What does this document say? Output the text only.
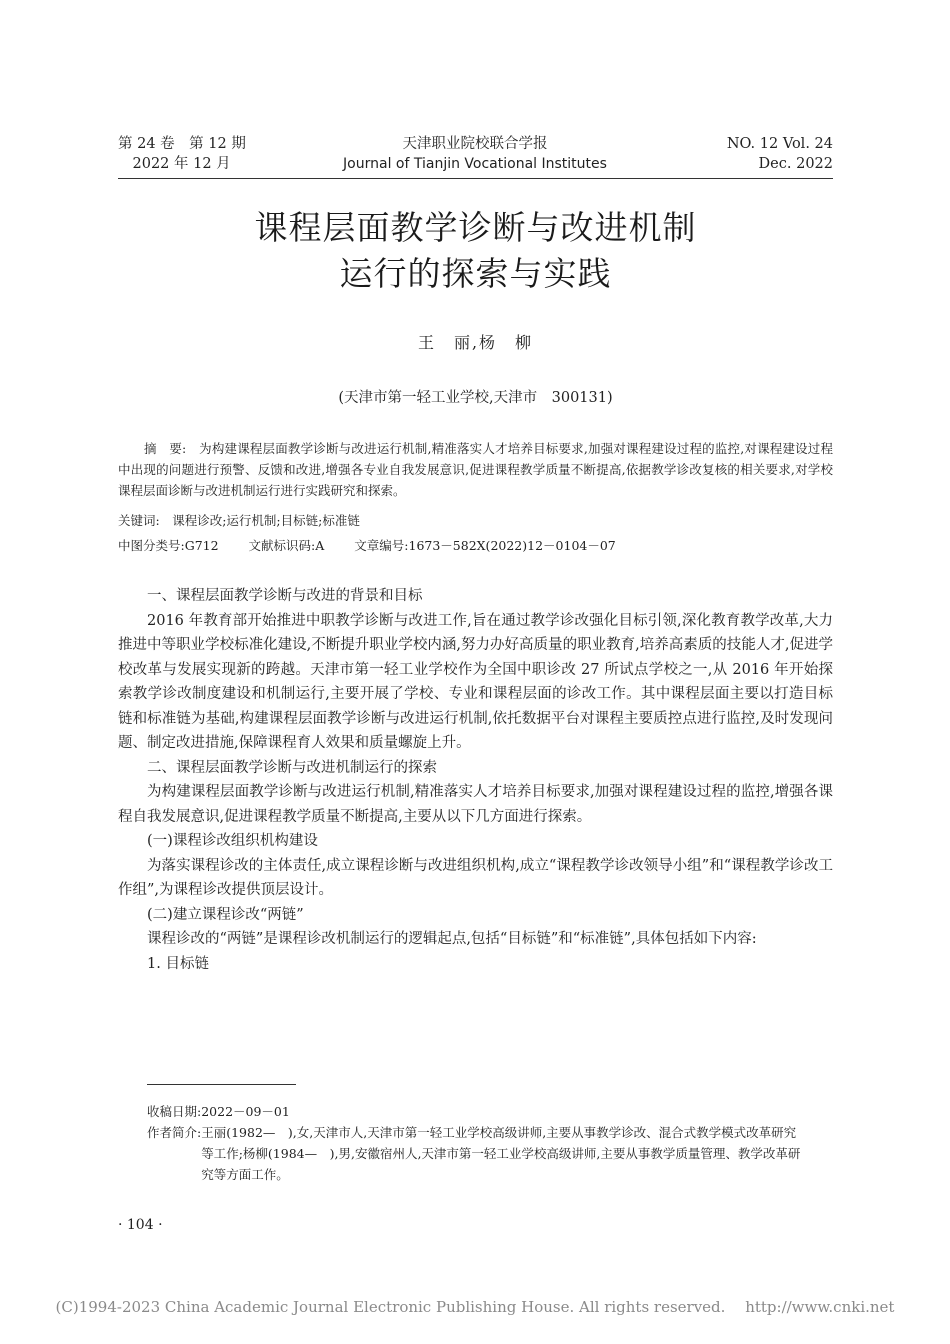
第 24 卷　第 12 期
　2022 年 12 月
天津职业院校联合学报
Journal of Tianjin Vocational Institutes
NO. 12 Vol. 24
Dec. 2022
课程层面教学诊断与改进机制
运行的探索与实践
王　丽,杨　柳
(天津市第一轻工业学校,天津市　300131)
摘　要:　为构建课程层面教学诊断与改进运行机制,精准落实人才培养目标要求,加强对课程建设过程的监控,对课程建设过程中出现的问题进行预警、反馈和改进,增强各专业自我发展意识,促进课程教学质量不断提高,依据教学诊改复核的相关要求,对学校课程层面诊断与改进机制运行进行实践研究和探索。
关键词:　课程诊改;运行机制;目标链;标准链
中图分类号:G712 文献标识码:A 文章编号:1673－582X(2022)12－0104－07

一、课程层面教学诊断与改进的背景和目标

2016 年教育部开始推进中职教学诊断与改进工作,旨在通过教学诊改强化目标引领,深化教育教学改革,大力推进中等职业学校标准化建设,不断提升职业学校内涵,努力办好高质量的职业教育,培养高素质的技能人才,促进学校改革与发展实现新的跨越。天津市第一轻工业学校作为全国中职诊改 27 所试点学校之一,从 2016 年开始探索教学诊改制度建设和机制运行,主要开展了学校、专业和课程层面的诊改工作。其中课程层面主要以打造目标链和标准链为基础,构建课程层面教学诊断与改进运行机制,依托数据平台对课程主要质控点进行监控,及时发现问题、制定改进措施,保障课程育人效果和质量螺旋上升。

二、课程层面教学诊断与改进机制运行的探索

为构建课程层面教学诊断与改进运行机制,精准落实人才培养目标要求,加强对课程建设过程的监控,增强各课程自我发展意识,促进课程教学质量不断提高,主要从以下几方面进行探索。

(一)课程诊改组织机构建设

为落实课程诊改的主体责任,成立课程诊断与改进组织机构,成立“课程教学诊改领导小组”和“课程教学诊改工作组”,为课程诊改提供顶层设计。

(二)建立课程诊改“两链”

课程诊改的“两链”是课程诊改机制运行的逻辑起点,包括“目标链”和“标准链”,具体包括如下内容:

1. 目标链

收稿日期: 2022－09－01
作者简介: 王丽(1982—　),女,天津市人,天津市第一轻工业学校高级讲师,主要从事教学诊改、混合式教学模式改革研究等工作;杨柳(1984—　),男,安徽宿州人,天津市第一轻工业学校高级讲师,主要从事教学质量管理、教学改革研究等方面工作。
· 104 ·
(C)1994-2023 China Academic Journal Electronic Publishing House. All rights reserved.　 http://www.cnki.net
